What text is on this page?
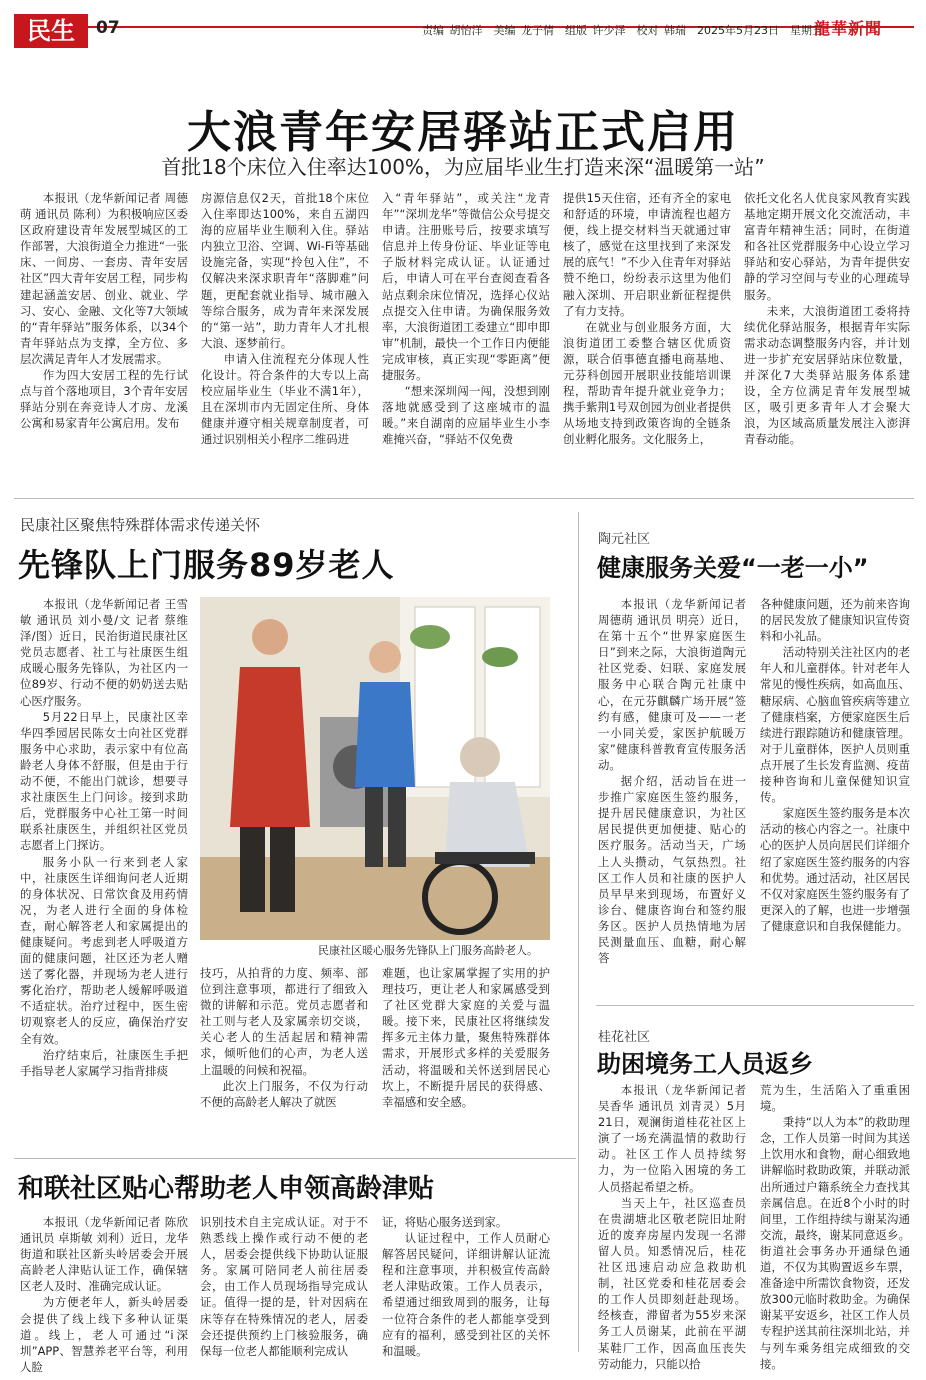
民生	07	责编 胡怡洋　美编 龙子倩　组版 许少泽　校对 韩瑞　2025年5月23日　星期五
龍華新聞
大浪青年安居驿站正式启用
首批18个床位入住率达100%，为应届毕业生打造来深“温暖第一站”

本报讯（龙华新闻记者 周德萌 通讯员 陈利）为积极响应区委区政府建设青年发展型城区的工作部署，大浪街道全力推进“一张床、一间房、一套房、青年安居社区”四大青年安居工程，同步构建起涵盖安居、创业、就业、学习、安心、金融、文化等7大领域的“青年驿站”服务体系，以34个青年驿站点为支撑，全方位、多层次满足青年人才发展需求。

作为四大安居工程的先行试点与首个落地项目，3个青年安居驿站分别在奔竞诗人才房、龙溪公寓和易家青年公寓启用。发布

房源信息仅2天，首批18个床位入住率即达100%，来自五湖四海的应届毕业生顺利入住。驿站内独立卫浴、空调、Wi-Fi等基础设施完备，实现“拎包入住”，不仅解决来深求职青年“落脚难”问题，更配套就业指导、城市融入等综合服务，成为青年来深发展的“第一站”，助力青年人才扎根大浪、逐梦前行。

申请入住流程充分体现人性化设计。符合条件的大专以上高校应届毕业生（毕业不满1年），且在深圳市内无固定住所、身体健康并遵守相关规章制度者，可通过识别相关小程序二维码进

入“青年驿站”，或关注“龙青年”“深圳龙华”等微信公众号提交申请。注册账号后，按要求填写信息并上传身份证、毕业证等电子版材料完成认证。认证通过后，申请人可在平台查阅查看各站点剩余床位情况，选择心仪站点提交入住申请。为确保服务效率，大浪街道团工委建立“即申即审”机制，最快一个工作日内便能完成审核，真正实现“零距离”便捷服务。

“想来深圳闯一闯，没想到刚落地就感受到了这座城市的温暖。”来自湖南的应届毕业生小李难掩兴奋，“驿站不仅免费

提供15天住宿，还有齐全的家电和舒适的环境，申请流程也超方便，线上提交材料当天就通过审核了，感觉在这里找到了来深发展的底气！”不少入住青年对驿站赞不绝口，纷纷表示这里为他们融入深圳、开启职业新征程提供了有力支持。

在就业与创业服务方面，大浪街道团工委整合辖区优质资源，联合佰事德直播电商基地、元芬科创园开展职业技能培训课程，帮助青年提升就业竞争力；携手紫荆1号双创园为创业者提供从场地支持到政策咨询的全链条创业孵化服务。文化服务上，

依托文化名人优良家风教育实践基地定期开展文化交流活动，丰富青年精神生活；同时，在街道和各社区党群服务中心设立学习驿站和安心驿站，为青年提供安静的学习空间与专业的心理疏导服务。

未来，大浪街道团工委将持续优化驿站服务，根据青年实际需求动态调整服务内容，并计划进一步扩充安居驿站床位数量，并深化7大类驿站服务体系建设，全方位满足青年发展型城区，吸引更多青年人才会聚大浪，为区域高质量发展注入澎湃青春动能。

民康社区聚焦特殊群体需求传递关怀
先锋队上门服务89岁老人

本报讯（龙华新闻记者 王雪敏 通讯员 刘小曼/文 记者 蔡维泽/图）近日，民治街道民康社区党员志愿者、社工与社康医生组成暖心服务先锋队，为社区内一位89岁、行动不便的奶奶送去贴心医疗服务。

5月22日早上，民康社区幸华四季园居民陈女士向社区党群服务中心求助，表示家中有位高龄老人身体不舒服，但是由于行动不便，不能出门就诊，想要寻求社康医生上门问诊。接到求助后，党群服务中心社工第一时间联系社康医生，并组织社区党员志愿者上门探访。

服务小队一行来到老人家中，社康医生详细询问老人近期的身体状况、日常饮食及用药情况，为老人进行全面的身体检查，耐心解答老人和家属提出的健康疑问。考虑到老人呼吸道方面的健康问题，社区还为老人赠送了雾化器，并现场为老人进行雾化治疗，帮助老人缓解呼吸道不适症状。治疗过程中，医生密切观察老人的反应，确保治疗安全有效。

治疗结束后，社康医生手把手指导老人家属学习指背排痰

民康社区暖心服务先锋队上门服务高龄老人。

技巧，从拍背的力度、频率、部位到注意事项，都进行了细致入微的讲解和示范。党员志愿者和社工则与老人及家属亲切交谈，关心老人的生活起居和精神需求，倾听他们的心声，为老人送上温暖的问候和祝福。

此次上门服务，不仅为行动不便的高龄老人解决了就医

难题，也让家属掌握了实用的护理技巧，更让老人和家属感受到了社区党群大家庭的关爱与温暖。接下来，民康社区将继续发挥多元主体力量，聚焦特殊群体需求，开展形式多样的关爱服务活动，将温暖和关怀送到居民心坎上，不断提升居民的获得感、幸福感和安全感。

陶元社区
健康服务关爱“一老一小”

本报讯（龙华新闻记者 周德萌 通讯员 明亮）近日，在第十五个“世界家庭医生日”到来之际，大浪街道陶元社区党委、妇联、家庭发展服务中心联合陶元社康中心，在元芬麒麟广场开展“签约有感，健康可及——一老一小同关爱，家医护航暖万家”健康科普教育宣传服务活动。

据介绍，活动旨在进一步推广家庭医生签约服务，提升居民健康意识，为社区居民提供更加便捷、贴心的医疗服务。活动当天，广场上人头攒动，气氛热烈。社区工作人员和社康的医护人员早早来到现场，布置好义诊台、健康咨询台和签约服务区。医护人员热情地为居民测量血压、血糖，耐心解答

各种健康问题，还为前来咨询的居民发放了健康知识宣传资料和小礼品。

活动特别关注社区内的老年人和儿童群体。针对老年人常见的慢性疾病，如高血压、糖尿病、心脑血管疾病等建立了健康档案，方便家庭医生后续进行跟踪随访和健康管理。对于儿童群体，医护人员则重点开展了生长发育监测、疫苗接种咨询和儿童保健知识宣传。

家庭医生签约服务是本次活动的核心内容之一。社康中心的医护人员向居民们详细介绍了家庭医生签约服务的内容和优势。通过活动，社区居民不仅对家庭医生签约服务有了更深入的了解，也进一步增强了健康意识和自我保健能力。

桂花社区
助困境务工人员返乡

本报讯（龙华新闻记者 吴香华 通讯员 刘青灵）5月21日，观澜街道桂花社区上演了一场充满温情的救助行动。社区工作人员持续努力，为一位陷入困境的务工人员搭起希望之桥。

当天上午，社区巡查员在贵湖塘北区敬老院旧址附近的废弃房屋内发现一名滞留人员。知悉情况后，桂花社区迅速启动应急救助机制，社区党委和桂花居委会的工作人员即刻赶赴现场。经核查，滞留者为55岁来深务工人员谢某，此前在平湖某鞋厂工作，因高血压丧失劳动能力，只能以拾

荒为生，生活陷入了重重困境。

秉持“以人为本”的救助理念，工作人员第一时间为其送上饮用水和食物，耐心细致地讲解临时救助政策，并联动派出所通过户籍系统全力查找其亲属信息。在近8个小时的时间里，工作组持续与谢某沟通交流，最终，谢某同意返乡。街道社会事务办开通绿色通道，不仅为其购置返乡车票，准备途中所需饮食物资，还发放300元临时救助金。为确保谢某平安返乡，社区工作人员专程护送其前往深圳北站，并与列车乘务组完成细致的交接。

和联社区贴心帮助老人申领高龄津贴

本报讯（龙华新闻记者 陈欣 通讯员 卓斯敏 刘利）近日，龙华街道和联社区新头岭居委会开展高龄老人津贴认证工作，确保辖区老人及时、准确完成认证。

为方便老年人，新头岭居委会提供了线上线下多种认证渠道。线上，老人可通过“i深圳”APP、智慧养老平台等，利用人脸

识别技术自主完成认证。对于不熟悉线上操作或行动不便的老人，居委会提供线下协助认证服务。家属可陪同老人前往居委会，由工作人员现场指导完成认证。值得一提的是，针对因病在床等存在特殊情况的老人，居委会还提供预约上门核验服务，确保每一位老人都能顺利完成认

证，将贴心服务送到家。

认证过程中，工作人员耐心解答居民疑问，详细讲解认证流程和注意事项，并积极宣传高龄老人津贴政策。工作人员表示，希望通过细致周到的服务，让每一位符合条件的老人都能享受到应有的福利，感受到社区的关怀和温暖。
